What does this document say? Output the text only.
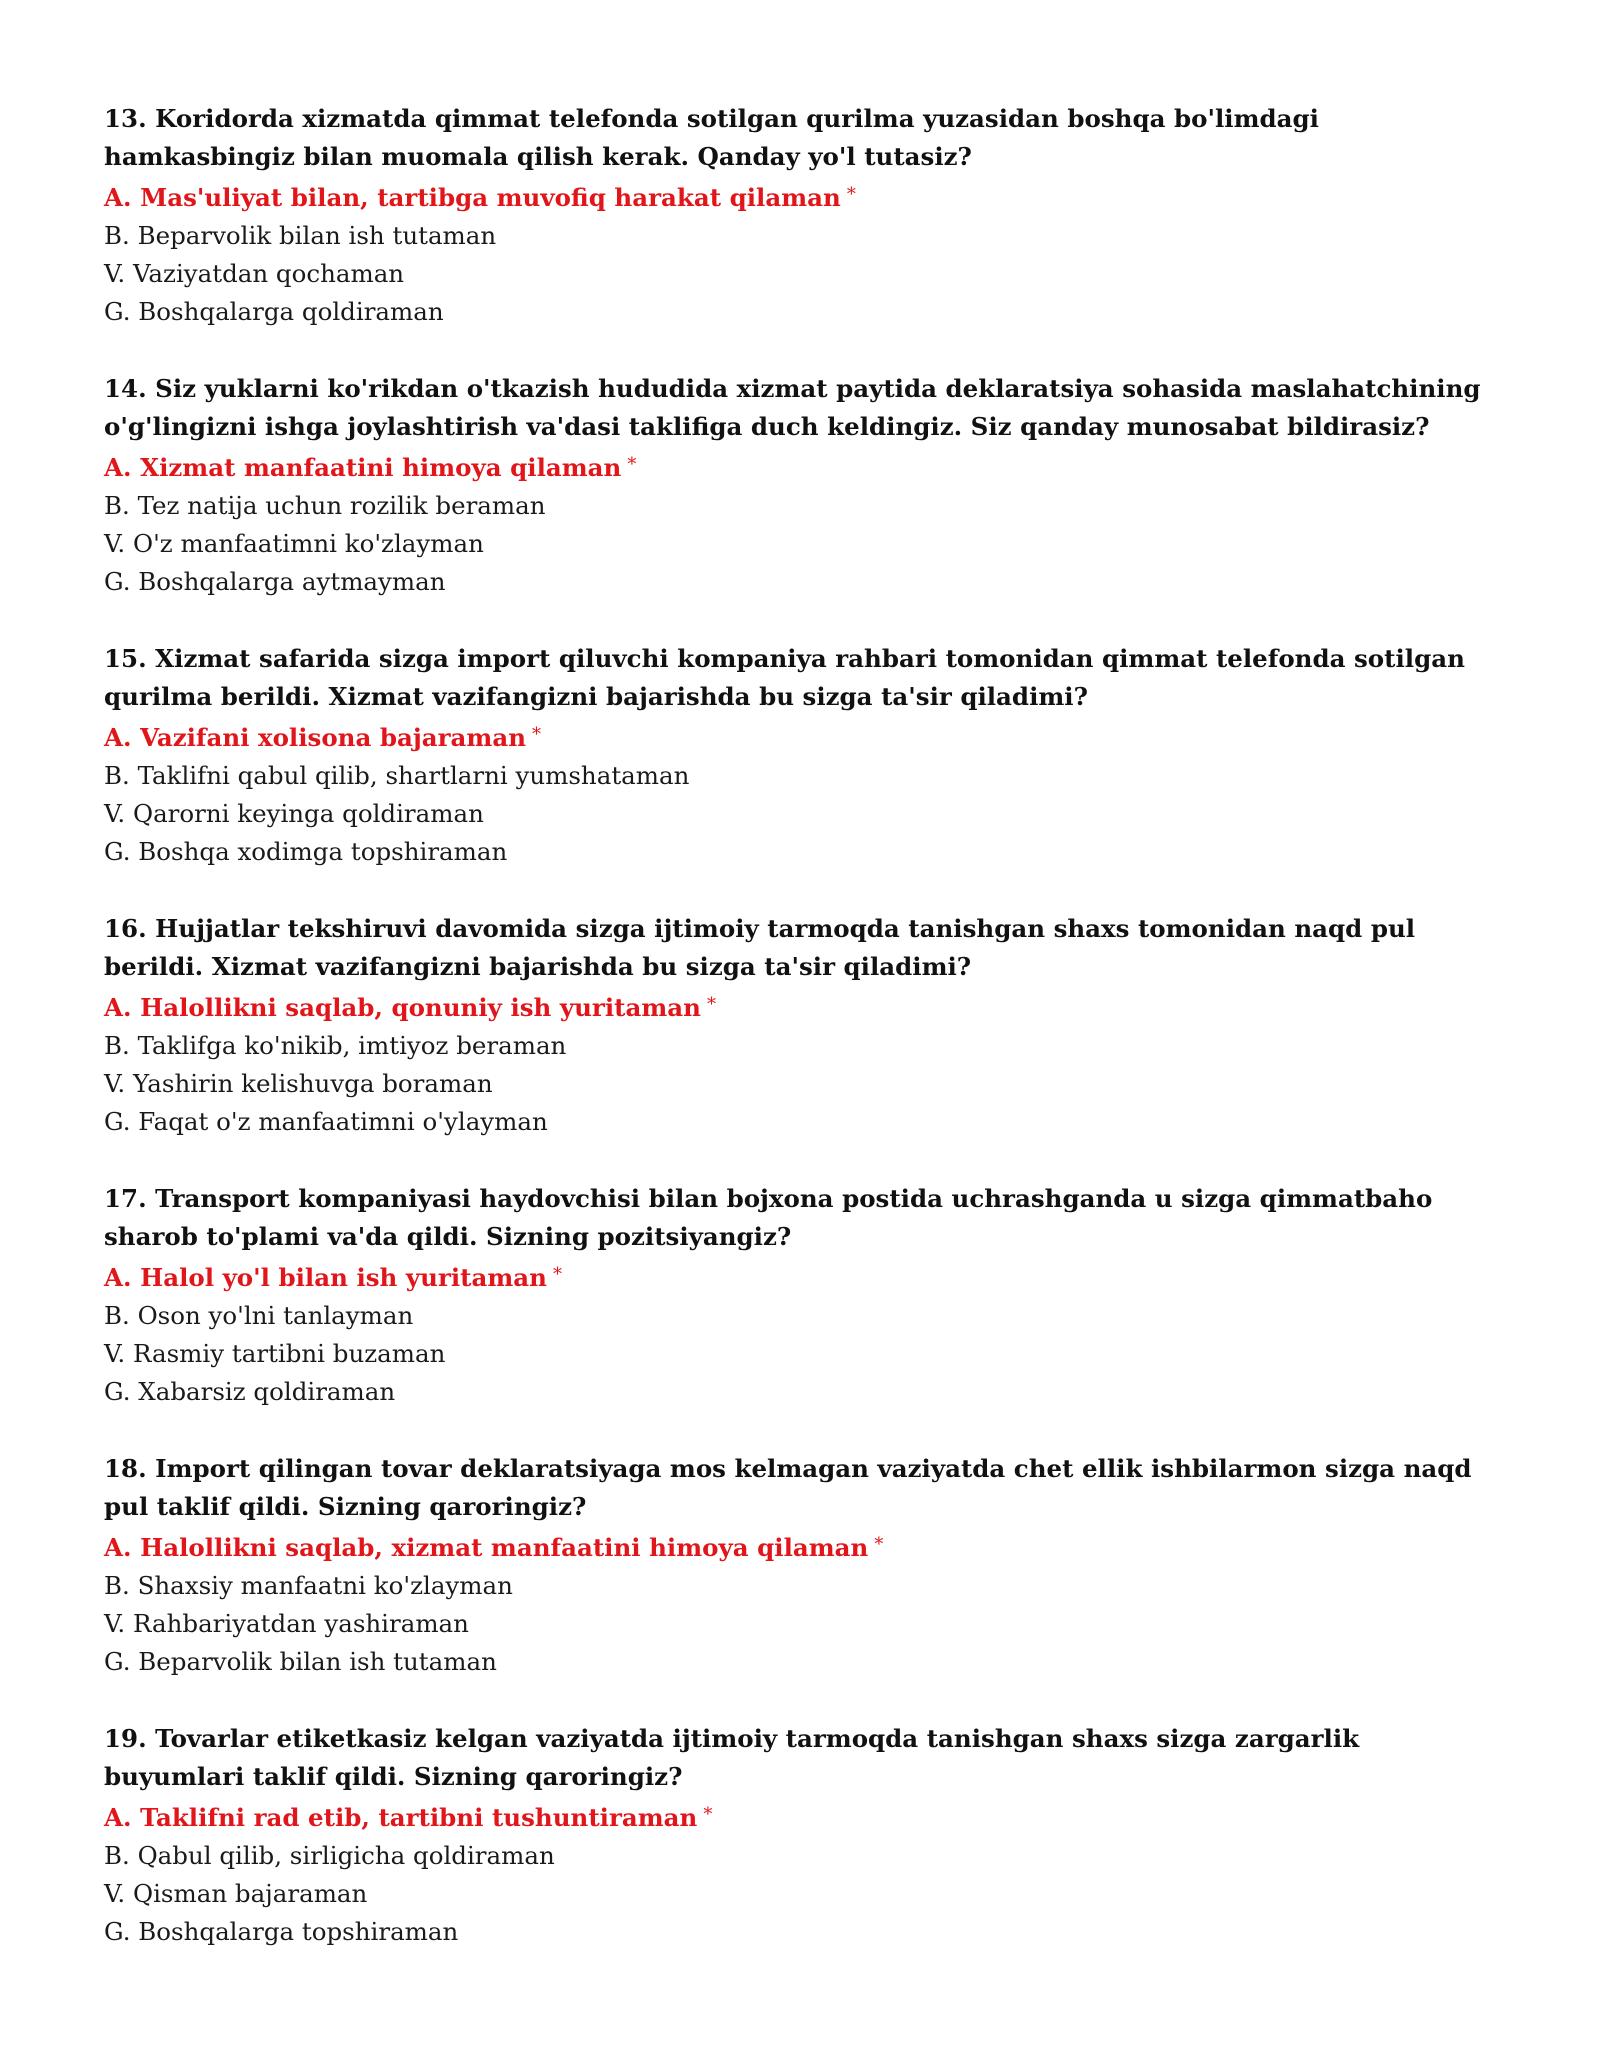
13. Koridorda xizmatda qimmat telefonda sotilgan qurilma yuzasidan boshqa bo'limdagi hamkasbingiz bilan muomala qilish kerak. Qanday yo'l tutasiz?

A. Mas'uliyat bilan, tartibga muvofiq harakat qilaman *

B. Beparvolik bilan ish tutaman

V. Vaziyatdan qochaman

G. Boshqalarga qoldiraman

14. Siz yuklarni ko'rikdan o'tkazish hududida xizmat paytida deklaratsiya sohasida maslahatchining o'g'lingizni ishga joylashtirish va'dasi taklifiga duch keldingiz. Siz qanday munosabat bildirasiz?

A. Xizmat manfaatini himoya qilaman *

B. Tez natija uchun rozilik beraman

V. O'z manfaatimni ko'zlayman

G. Boshqalarga aytmayman

15. Xizmat safarida sizga import qiluvchi kompaniya rahbari tomonidan qimmat telefonda sotilgan qurilma berildi. Xizmat vazifangizni bajarishda bu sizga ta'sir qiladimi?

A. Vazifani xolisona bajaraman *

B. Taklifni qabul qilib, shartlarni yumshataman

V. Qarorni keyinga qoldiraman

G. Boshqa xodimga topshiraman

16. Hujjatlar tekshiruvi davomida sizga ijtimoiy tarmoqda tanishgan shaxs tomonidan naqd pul berildi. Xizmat vazifangizni bajarishda bu sizga ta'sir qiladimi?

A. Halollikni saqlab, qonuniy ish yuritaman *

B. Taklifga ko'nikib, imtiyoz beraman

V. Yashirin kelishuvga boraman

G. Faqat o'z manfaatimni o'ylayman

17. Transport kompaniyasi haydovchisi bilan bojxona postida uchrashganda u sizga qimmatbaho sharob to'plami va'da qildi. Sizning pozitsiyangiz?

A. Halol yo'l bilan ish yuritaman *

B. Oson yo'lni tanlayman

V. Rasmiy tartibni buzaman

G. Xabarsiz qoldiraman

18. Import qilingan tovar deklaratsiyaga mos kelmagan vaziyatda chet ellik ishbilarmon sizga naqd pul taklif qildi. Sizning qaroringiz?

A. Halollikni saqlab, xizmat manfaatini himoya qilaman *

B. Shaxsiy manfaatni ko'zlayman

V. Rahbariyatdan yashiraman

G. Beparvolik bilan ish tutaman

19. Tovarlar etiketkasiz kelgan vaziyatda ijtimoiy tarmoqda tanishgan shaxs sizga zargarlik buyumlari taklif qildi. Sizning qaroringiz?

A. Taklifni rad etib, tartibni tushuntiraman *

B. Qabul qilib, sirligicha qoldiraman

V. Qisman bajaraman

G. Boshqalarga topshiraman
